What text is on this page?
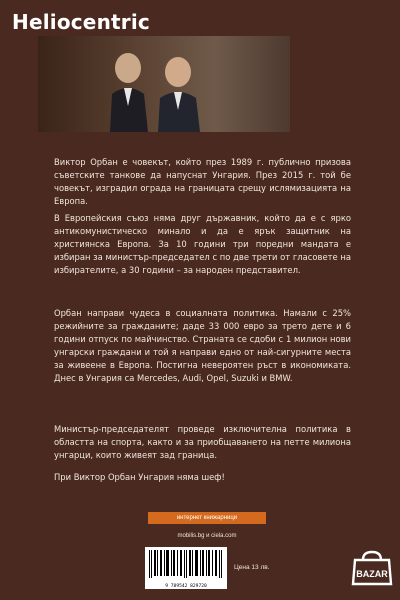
Heliocentric
Виктор Орбан е човекът, който през 1989 г. публично призова съветските танкове да напуснат Унгария. През 2015 г. той бе човекът, изградил ограда на границата срещу ислямизацията на Европа.
В Европейския съюз няма друг държавник, който да е с ярко антикомунистическо минало и да е ярък защитник на християнска Европа. За 10 години три поредни мандата е избиран за министър-председател с по две трети от гласовете на избирателите, а 30 години – за народен представител.
Орбан направи чудеса в социалната политика. Намали с 25% режийните за гражданите; даде 33 000 евро за трето дете и 6 години отпуск по майчинство. Страната се сдоби с 1 милион нови унгарски граждани и той я направи едно от най-сигурните места за живеене в Европа. Постигна невероятен ръст в икономиката. Днес в Унгария са Mercedes, Audi, Opel, Suzuki и BMW.
Министър-председателят проведе изключителна политика в областта на спорта, както и за приобщаването на петте милиона унгарци, които живеят зад граница.
При Виктор Орбан Унгария няма шеф!
интернет книжарници
mobilis.bg и ciela.com
9 789542 829720
Цена 13 лв.
BAZAR
